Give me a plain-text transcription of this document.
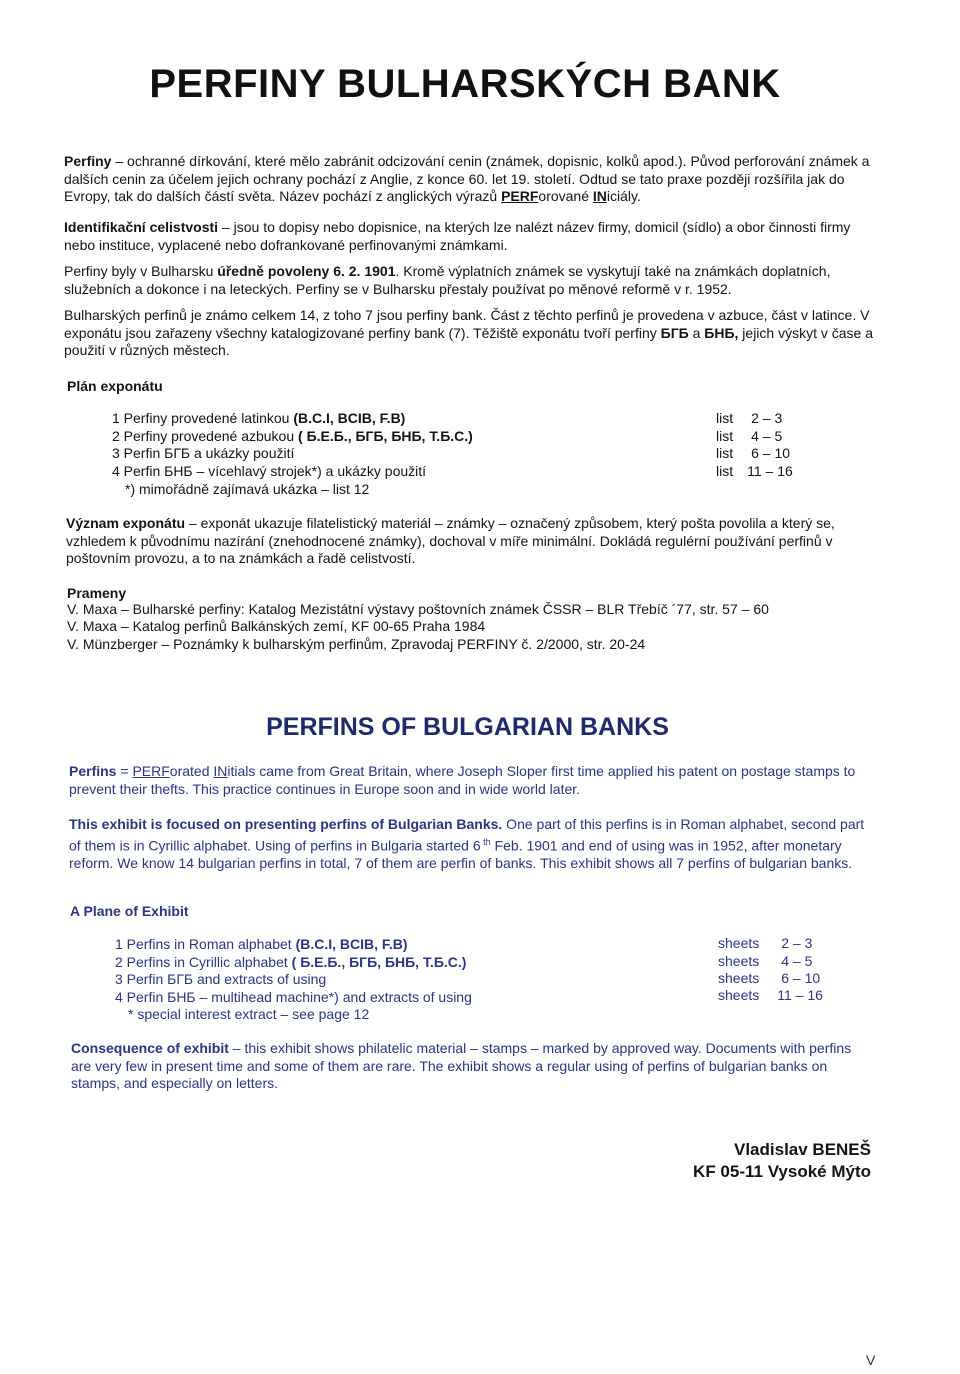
PERFINY BULHARSKÝCH BANK
Perfiny – ochranné dírkování, které mělo zabránit odcizování cenin (známek, dopisnic, kolků apod.). Původ perforování známek a dalších cenin za účelem jejich ochrany pochází z Anglie, z konce 60. let 19. století. Odtud se tato praxe později rozšířila jak do Evropy, tak do dalších částí světa. Název pochází z anglických výrazů PERForované INiciály.
Identifikační celistvosti – jsou to dopisy nebo dopisnice, na kterých lze nalézt název firmy, domicil (sídlo) a obor činnosti firmy nebo instituce, vyplacené nebo dofrankované perfinovanými známkami.
Perfiny byly v Bulharsku úředně povoleny 6. 2. 1901. Kromě výplatních známek se vyskytují také na známkách doplatních, služebních a dokonce i na leteckých. Perfiny se v Bulharsku přestaly používat po měnové reformě v r. 1952.
Bulharských perfinů je známo celkem 14, z toho 7 jsou perfiny bank. Část z těchto perfinů je provedena v azbuce, část v latince. V exponátu jsou zařazeny všechny katalogizované perfiny bank (7). Těžiště exponátu tvoří perfiny БГБ a БНБ, jejich výskyt v čase a použití v různých městech.
Plán exponátu
1 Perfiny provedené latinkou (B.C.I, BCIB, F.B)
2 Perfiny provedené azbukou ( Б.Е.Б., БГБ, БНБ, Т.Б.С.)
3 Perfin БГБ a ukázky použití
4 Perfin БНБ – vícehlavý strojek*) a ukázky použití
*) mimořádně zajímavá ukázka – list 12
list 2 – 3
list 4 – 5
list 6 – 10
list 11 – 16
Význam exponátu – exponát ukazuje filatelistický materiál – známky – označený způsobem, který pošta povolila a který se, vzhledem k původnímu nazírání (znehodnocené známky), dochoval v míře minimální. Dokládá regulérní používání perfinů v poštovním provozu, a to na známkách a řadě celistvostí.
Prameny
V. Maxa – Bulharské perfiny: Katalog Mezistátní výstavy poštovních známek ČSSR – BLR Třebíč ´77, str. 57 – 60
V. Maxa – Katalog perfinů Balkánských zemí, KF 00-65 Praha 1984
V. Münzberger – Poznámky k bulharským perfinům, Zpravodaj PERFINY č. 2/2000, str. 20-24
PERFINS OF BULGARIAN BANKS
Perfins = PERForated INitials came from Great Britain, where Joseph Sloper first time applied his patent on postage stamps to prevent their thefts. This practice continues in Europe soon and in wide world later.
This exhibit is focused on presenting perfins of Bulgarian Banks. One part of this perfins is in Roman alphabet, second part of them is in Cyrillic alphabet. Using of perfins in Bulgaria started 6 $^{th}$ Feb. 1901 and end of using was in 1952, after monetary reform. We know 14 bulgarian perfins in total, 7 of them are perfin of banks. This exhibit shows all 7 perfins of bulgarian banks.
A Plane of Exhibit
1 Perfins in Roman alphabet (B.C.I, BCIB, F.B)
2 Perfins in Cyrillic alphabet ( Б.Е.Б., БГБ, БНБ, Т.Б.С.)
3 Perfin БГБ and extracts of using
4 Perfin БНБ – multihead machine*) and extracts of using
* special interest extract – see page 12
sheets 2 – 3
sheets 4 – 5
sheets 6 – 10
sheets 11 – 16
Consequence of exhibit – this exhibit shows philatelic material – stamps – marked by approved way. Documents with perfins are very few in present time and some of them are rare. The exhibit shows a regular using of perfins of bulgarian banks on stamps, and especially on letters.
Vladislav BENEŠ
KF 05-11 Vysoké Mýto
V
